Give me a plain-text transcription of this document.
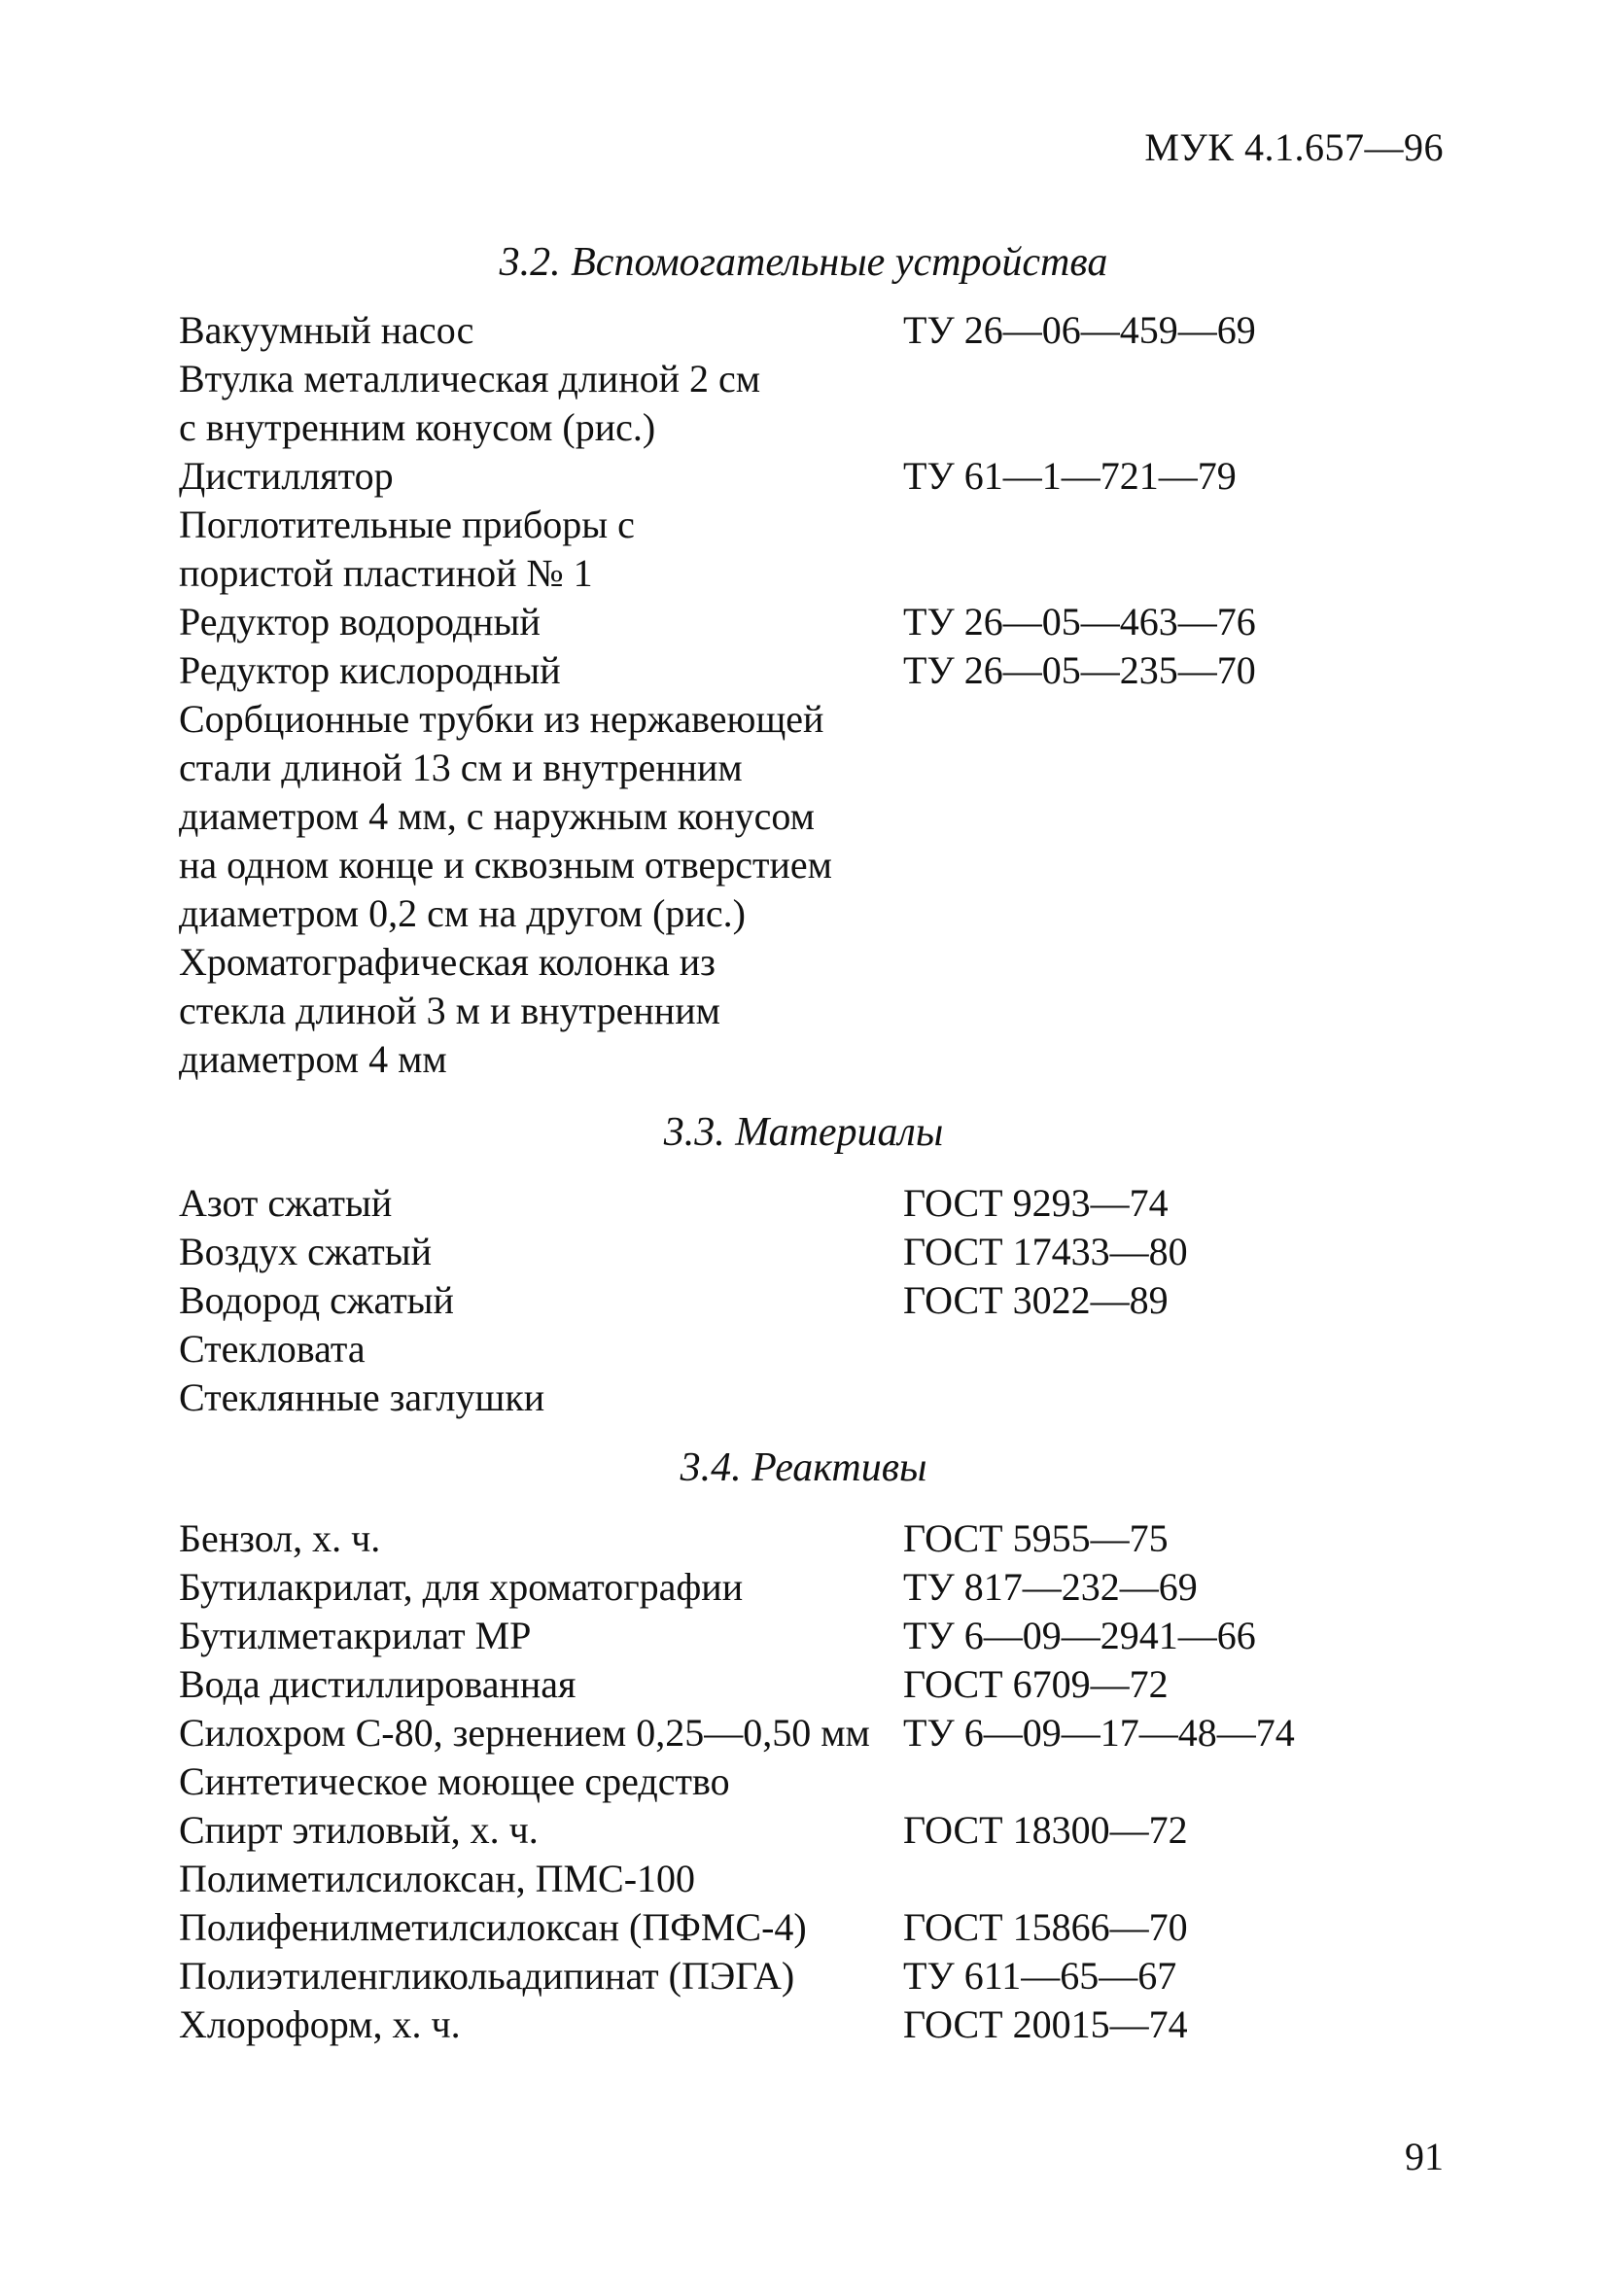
МУК 4.1.657—96
3.2. Вспомогательные устройства
Вакуумный насос	ТУ 26—06—459—69
Втулка металлическая длиной 2 см
с внутренним конусом (рис.)
Дистиллятор	ТУ 61—1—721—79
Поглотительные приборы с
пористой пластиной № 1
Редуктор водородный	ТУ 26—05—463—76
Редуктор кислородный	ТУ 26—05—235—70
Сорбционные трубки из нержавеющей
стали длиной 13 см и внутренним
диаметром 4 мм, с наружным конусом
на одном конце и сквозным отверстием
диаметром 0,2 см на другом (рис.)
Хроматографическая колонка из
стекла длиной 3 м и внутренним
диаметром 4 мм
3.3. Материалы
Азот сжатый	ГОСТ 9293—74
Воздух сжатый	ГОСТ 17433—80
Водород сжатый	ГОСТ 3022—89
Стекловата
Стеклянные заглушки
3.4. Реактивы
Бензол, х. ч.	ГОСТ 5955—75
Бутилакрилат, для хроматографии	ТУ 817—232—69
Бутилметакрилат МР	ТУ 6—09—2941—66
Вода дистиллированная	ГОСТ 6709—72
Силохром С-80, зернением 0,25—0,50 мм ТУ 6—09—17—48—74
Синтетическое моющее средство
Спирт этиловый, х. ч.	ГОСТ 18300—72
Полиметилсилоксан, ПМС-100
Полифенилметилсилоксан (ПФМС-4)	ГОСТ 15866—70
Полиэтиленгликольадипинат (ПЭГА)	ТУ 611—65—67
Хлороформ, х. ч.	ГОСТ 20015—74
91
